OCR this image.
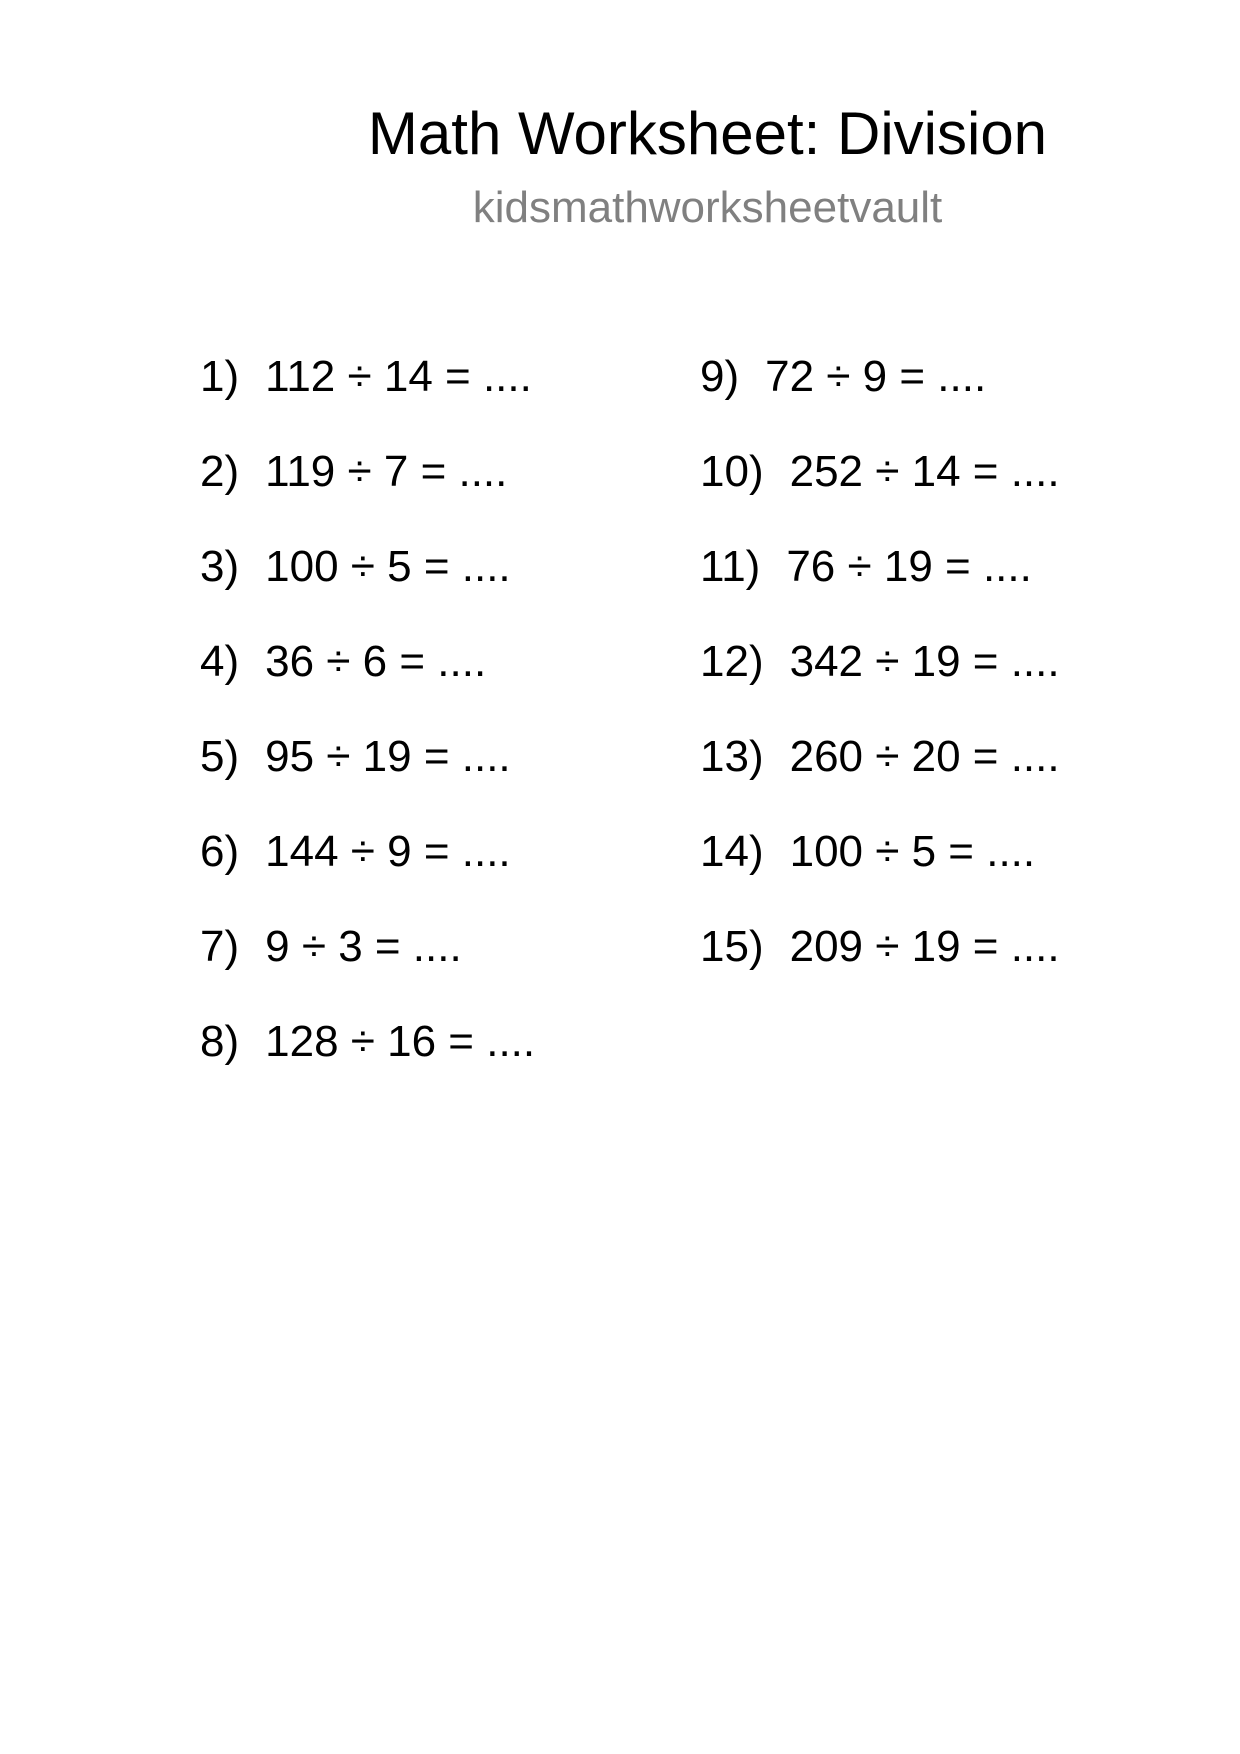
Math Worksheet: Division
kidsmathworksheetvault
1) 112 ÷ 14 = ....
2) 119 ÷ 7 = ....
3) 100 ÷ 5 = ....
4) 36 ÷ 6 = ....
5) 95 ÷ 19 = ....
6) 144 ÷ 9 = ....
7) 9 ÷ 3 = ....
8) 128 ÷ 16 = ....
9) 72 ÷ 9 = ....
10) 252 ÷ 14 = ....
11) 76 ÷ 19 = ....
12) 342 ÷ 19 = ....
13) 260 ÷ 20 = ....
14) 100 ÷ 5 = ....
15) 209 ÷ 19 = ....
